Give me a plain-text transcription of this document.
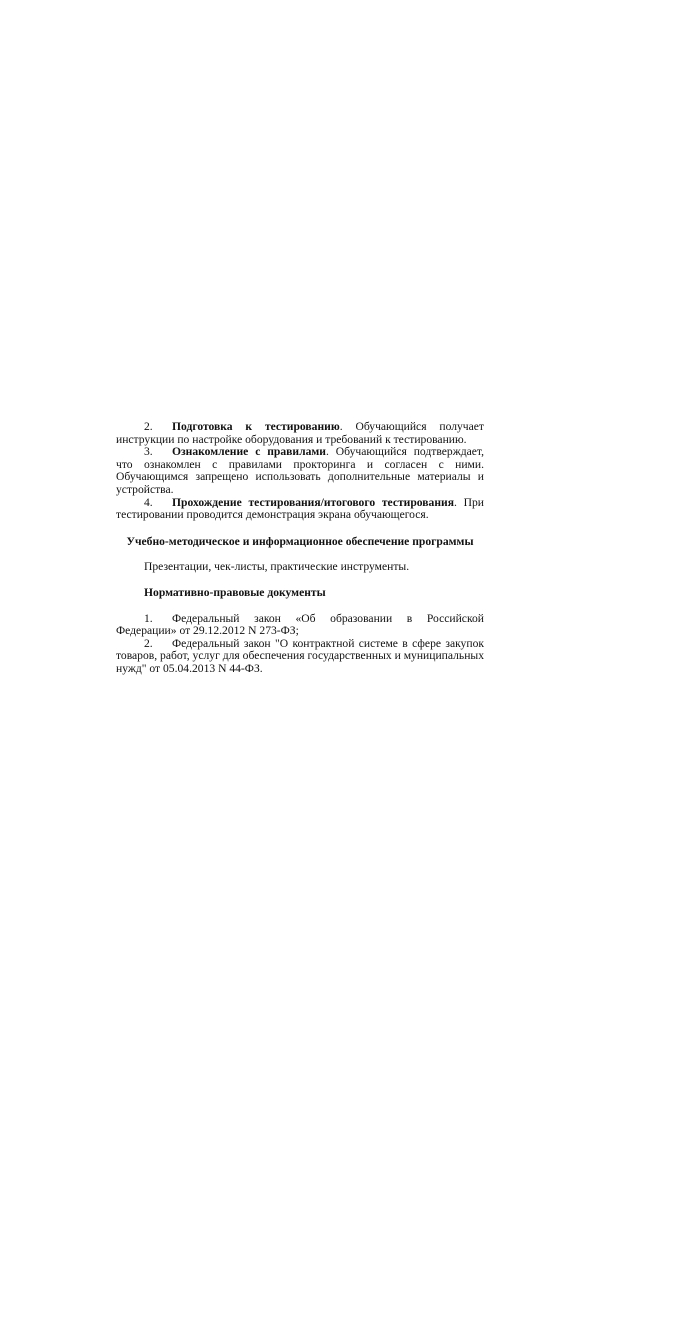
2. Подготовка к тестированию. Обучающийся получает инструкции по настройке оборудования и требований к тестированию.

3. Ознакомление с правилами. Обучающийся подтверждает, что ознакомлен с правилами прокторинга и согласен с ними. Обучающимся запрещено использовать дополнительные материалы и устройства.

4. Прохождение тестирования/итогового тестирования. При тестировании проводится демонстрация экрана обучающегося.

Учебно-методическое и информационное обеспечение программы

Презентации, чек-листы, практические инструменты.

Нормативно-правовые документы

1. Федеральный закон «Об образовании в Российской Федерации» от 29.12.2012 N 273-ФЗ;

2. Федеральный закон "О контрактной системе в сфере закупок товаров, работ, услуг для обеспечения государственных и муниципальных нужд" от 05.04.2013 N 44-ФЗ.
